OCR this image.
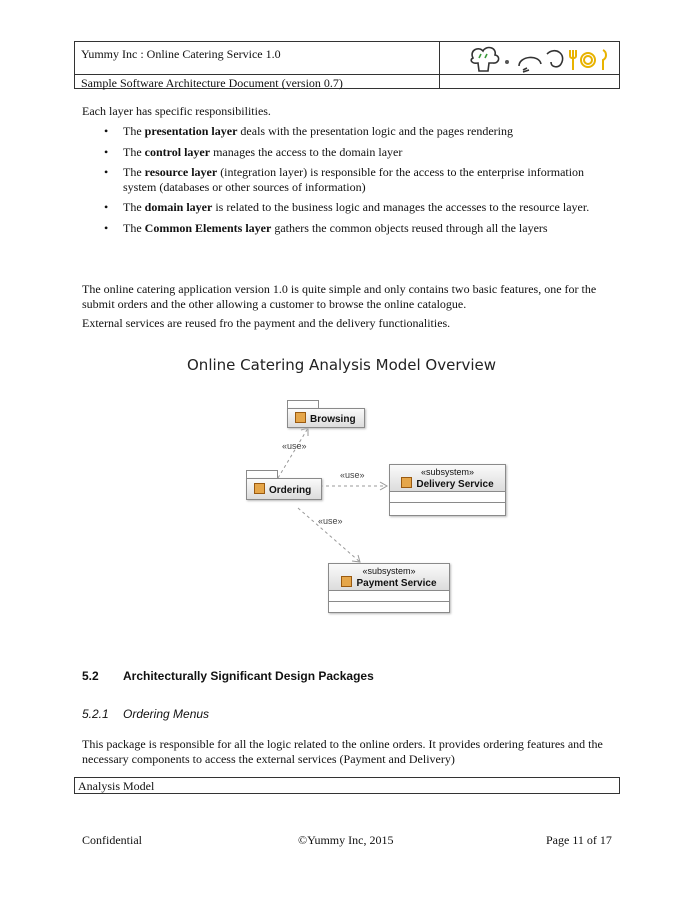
Yummy Inc : Online Catering Service 1.0
Sample Software Architecture Document (version 0.7)
Each layer has specific responsibilities.
• The presentation layer deals with the presentation logic and the pages rendering
• The control layer manages the access to the domain layer
• The resource layer (integration layer) is responsible for the access to the enterprise information system (databases or other sources of information)
• The domain layer is related to the business logic and manages the accesses to the resource layer.
• The Common Elements layer gathers the common objects reused through all the layers
The online catering application version 1.0 is quite simple and only contains two basic features, one for the submit orders and the other allowing a customer to browse the online catalogue.
External services are reused fro the payment and the delivery functionalities.
Online Catering Analysis Model Overview
Browsing
Ordering
«use»
«use»
«use»
«subsystem»
Delivery Service
«subsystem»
Payment Service
5.2 Architecturally Significant Design Packages
5.2.1 Ordering Menus
This package is responsible for all the logic related to the online orders. It provides ordering features and the necessary components to access the external services (Payment and Delivery)
Analysis Model
Confidential	©Yummy Inc, 2015	Page 11 of 17
